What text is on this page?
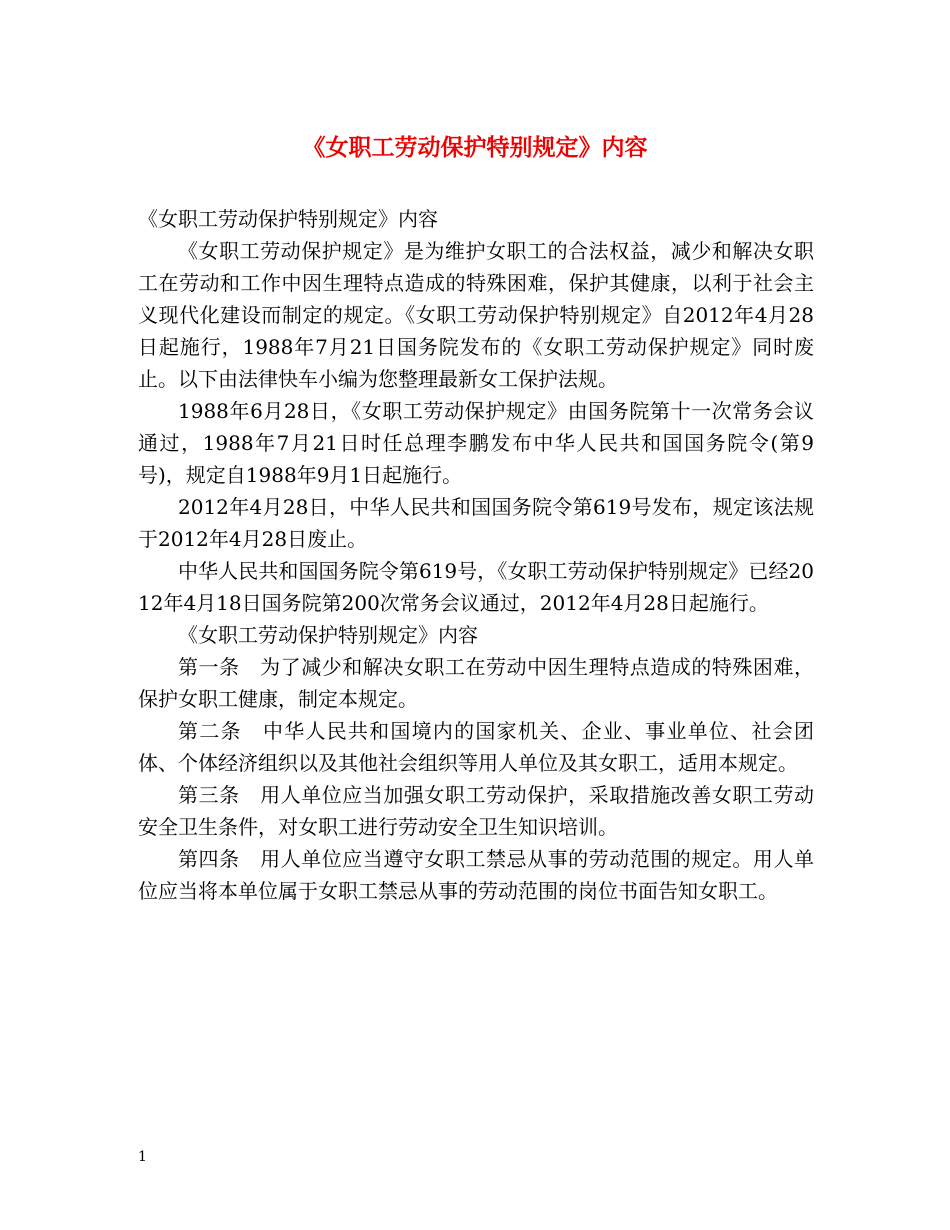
《女职工劳动保护特别规定》内容

《女职工劳动保护特别规定》内容

《女职工劳动保护规定》是为维护女职工的合法权益，减少和解决女职工在劳动和工作中因生理特点造成的特殊困难，保护其健康，以利于社会主义现代化建设而制定的规定。《女职工劳动保护特别规定》自2012年4月28日起施行，1988年7月21日国务院发布的《女职工劳动保护规定》同时废止。以下由法律快车小编为您整理最新女工保护法规。

1988年6月28日，《女职工劳动保护规定》由国务院第十一次常务会议通过，1988年7月21日时任总理李鹏发布中华人民共和国国务院令(第9号)，规定自1988年9月1日起施行。

2012年4月28日，中华人民共和国国务院令第619号发布，规定该法规于2012年4月28日废止。

中华人民共和国国务院令第619号，《女职工劳动保护特别规定》已经2012年4月18日国务院第200次常务会议通过，2012年4月28日起施行。

《女职工劳动保护特别规定》内容

第一条　为了减少和解决女职工在劳动中因生理特点造成的特殊困难，保护女职工健康，制定本规定。

第二条　中华人民共和国境内的国家机关、企业、事业单位、社会团体、个体经济组织以及其他社会组织等用人单位及其女职工，适用本规定。

第三条　用人单位应当加强女职工劳动保护，采取措施改善女职工劳动安全卫生条件，对女职工进行劳动安全卫生知识培训。

第四条　用人单位应当遵守女职工禁忌从事的劳动范围的规定。用人单位应当将本单位属于女职工禁忌从事的劳动范围的岗位书面告知女职工。

1
